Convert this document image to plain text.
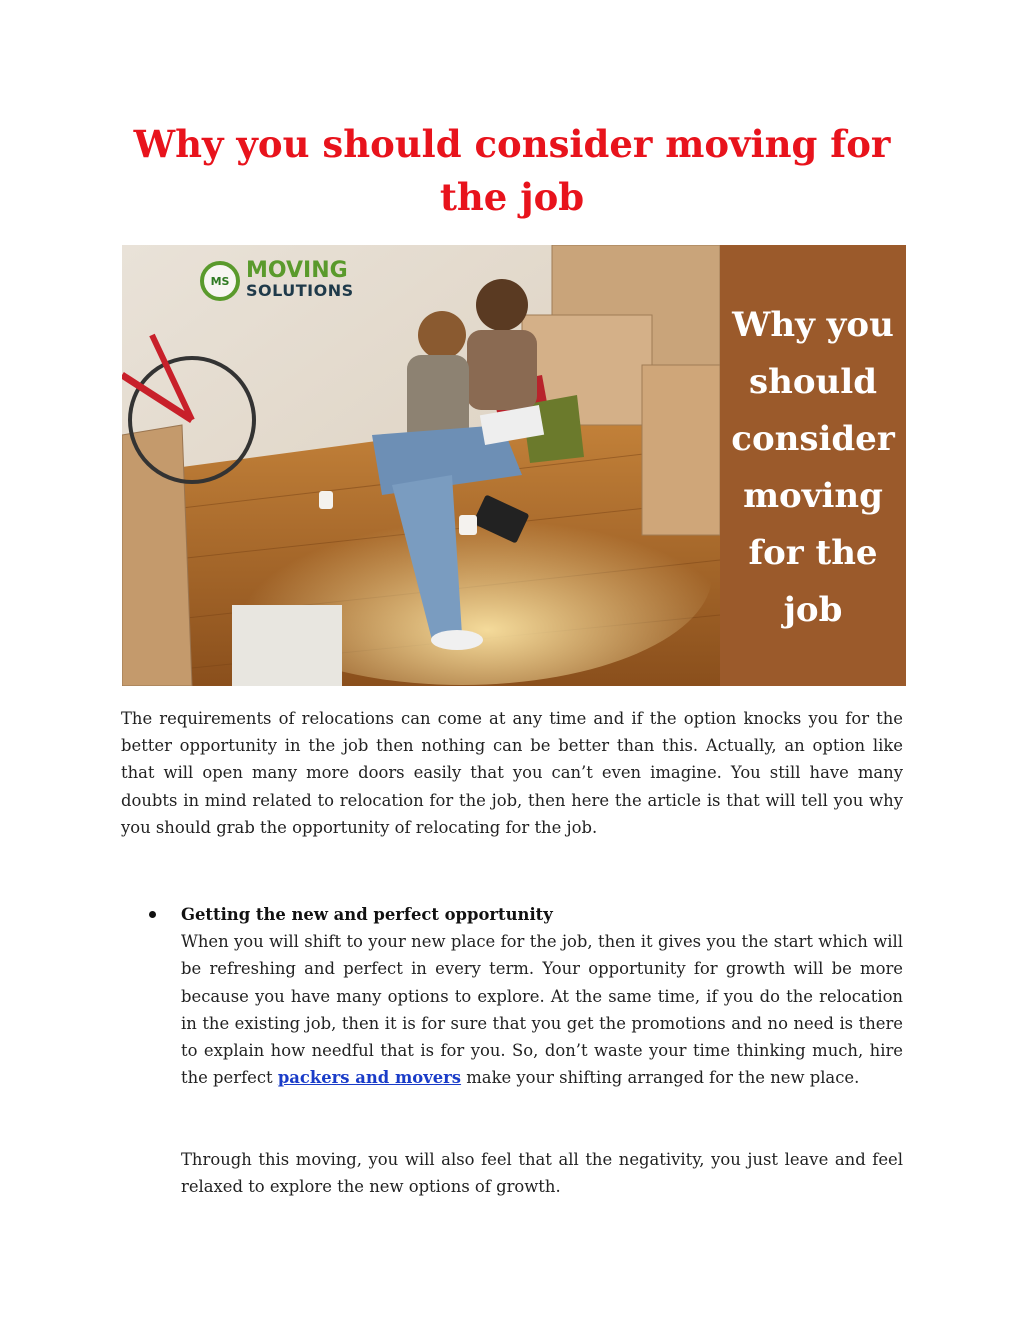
Why you should consider moving for the job
MS MOVING
SOLUTIONS
Why you should consider moving for the job

The requirements of relocations can come at any time and if the option knocks you for the better opportunity in the job then nothing can be better than this. Actually, an option like that will open many more doors easily that you can’t even imagine. You still have many doubts in mind related to relocation for the job, then here the article is that will tell you why you should grab the opportunity of relocating for the job.

Getting the new and perfect opportunity

When you will shift to your new place for the job, then it gives you the start which will be refreshing and perfect in every term. Your opportunity for growth will be more because you have many options to explore. At the same time, if you do the relocation in the existing job, then it is for sure that you get the promotions and no need is there to explain how needful that is for you. So, don’t waste your time thinking much, hire the perfect packers and movers make your shifting arranged for the new place.

Through this moving, you will also feel that all the negativity, you just leave and feel relaxed to explore the new options of growth.
